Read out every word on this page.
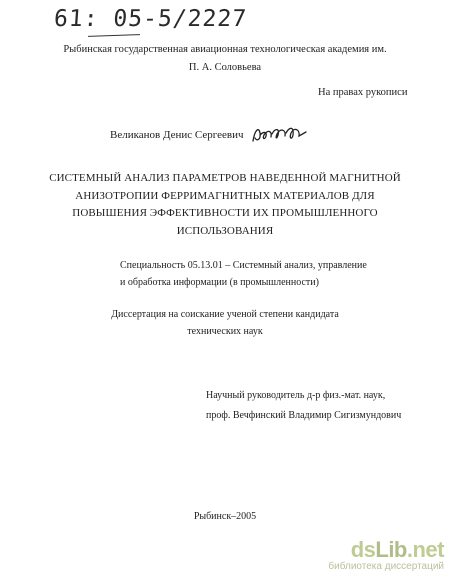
61: 05-5/2227
Рыбинская государственная авиационная технологическая академия им.
П. А. Соловьева
На правах рукописи
Великанов Денис Сергеевич
СИСТЕМНЫЙ АНАЛИЗ ПАРАМЕТРОВ НАВЕДЕННОЙ МАГНИТНОЙ
АНИЗОТРОПИИ ФЕРРИМАГНИТНЫХ МАТЕРИАЛОВ ДЛЯ
ПОВЫШЕНИЯ ЭФФЕКТИВНОСТИ ИХ ПРОМЫШЛЕННОГО
ИСПОЛЬЗОВАНИЯ
Специальность 05.13.01 – Системный анализ, управление
и обработка информации (в промышленности)
Диссертация на соискание ученой степени кандидата
технических наук
Научный руководитель д-р физ.-мат. наук,
проф. Вечфинский Владимир Сигизмундович
Рыбинск–2005
dsLib.net
библиотека диссертаций
